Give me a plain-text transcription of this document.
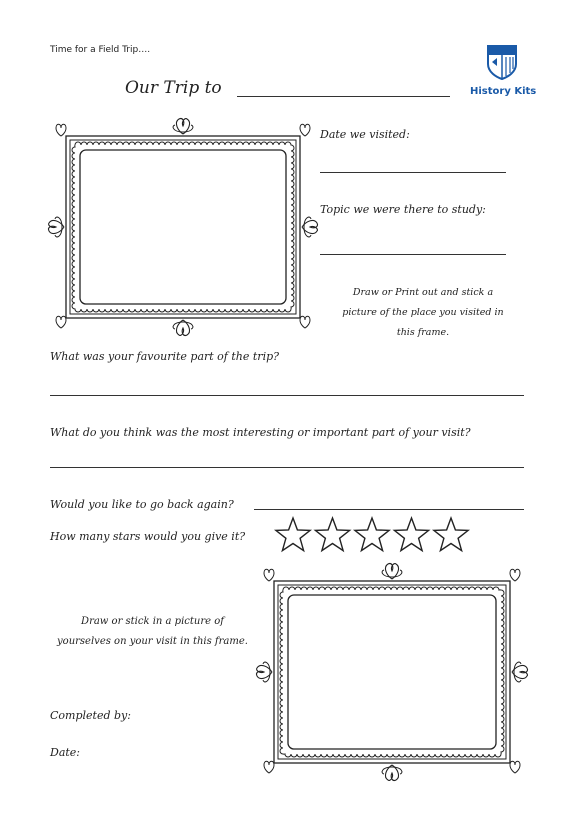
Time for a Field Trip….
Our Trip to	History Kits
Date we visited:
Topic we were there to study:
Draw or Print out and stick a
picture of the place you visited in
this frame.
What was your favourite part of the trip?
What do you think was the most interesting or important part of your visit?
Would you like to go back again?
How many stars would you give it?
Draw or stick in a picture of
yourselves on your visit in this frame.
Completed by:
Date:
